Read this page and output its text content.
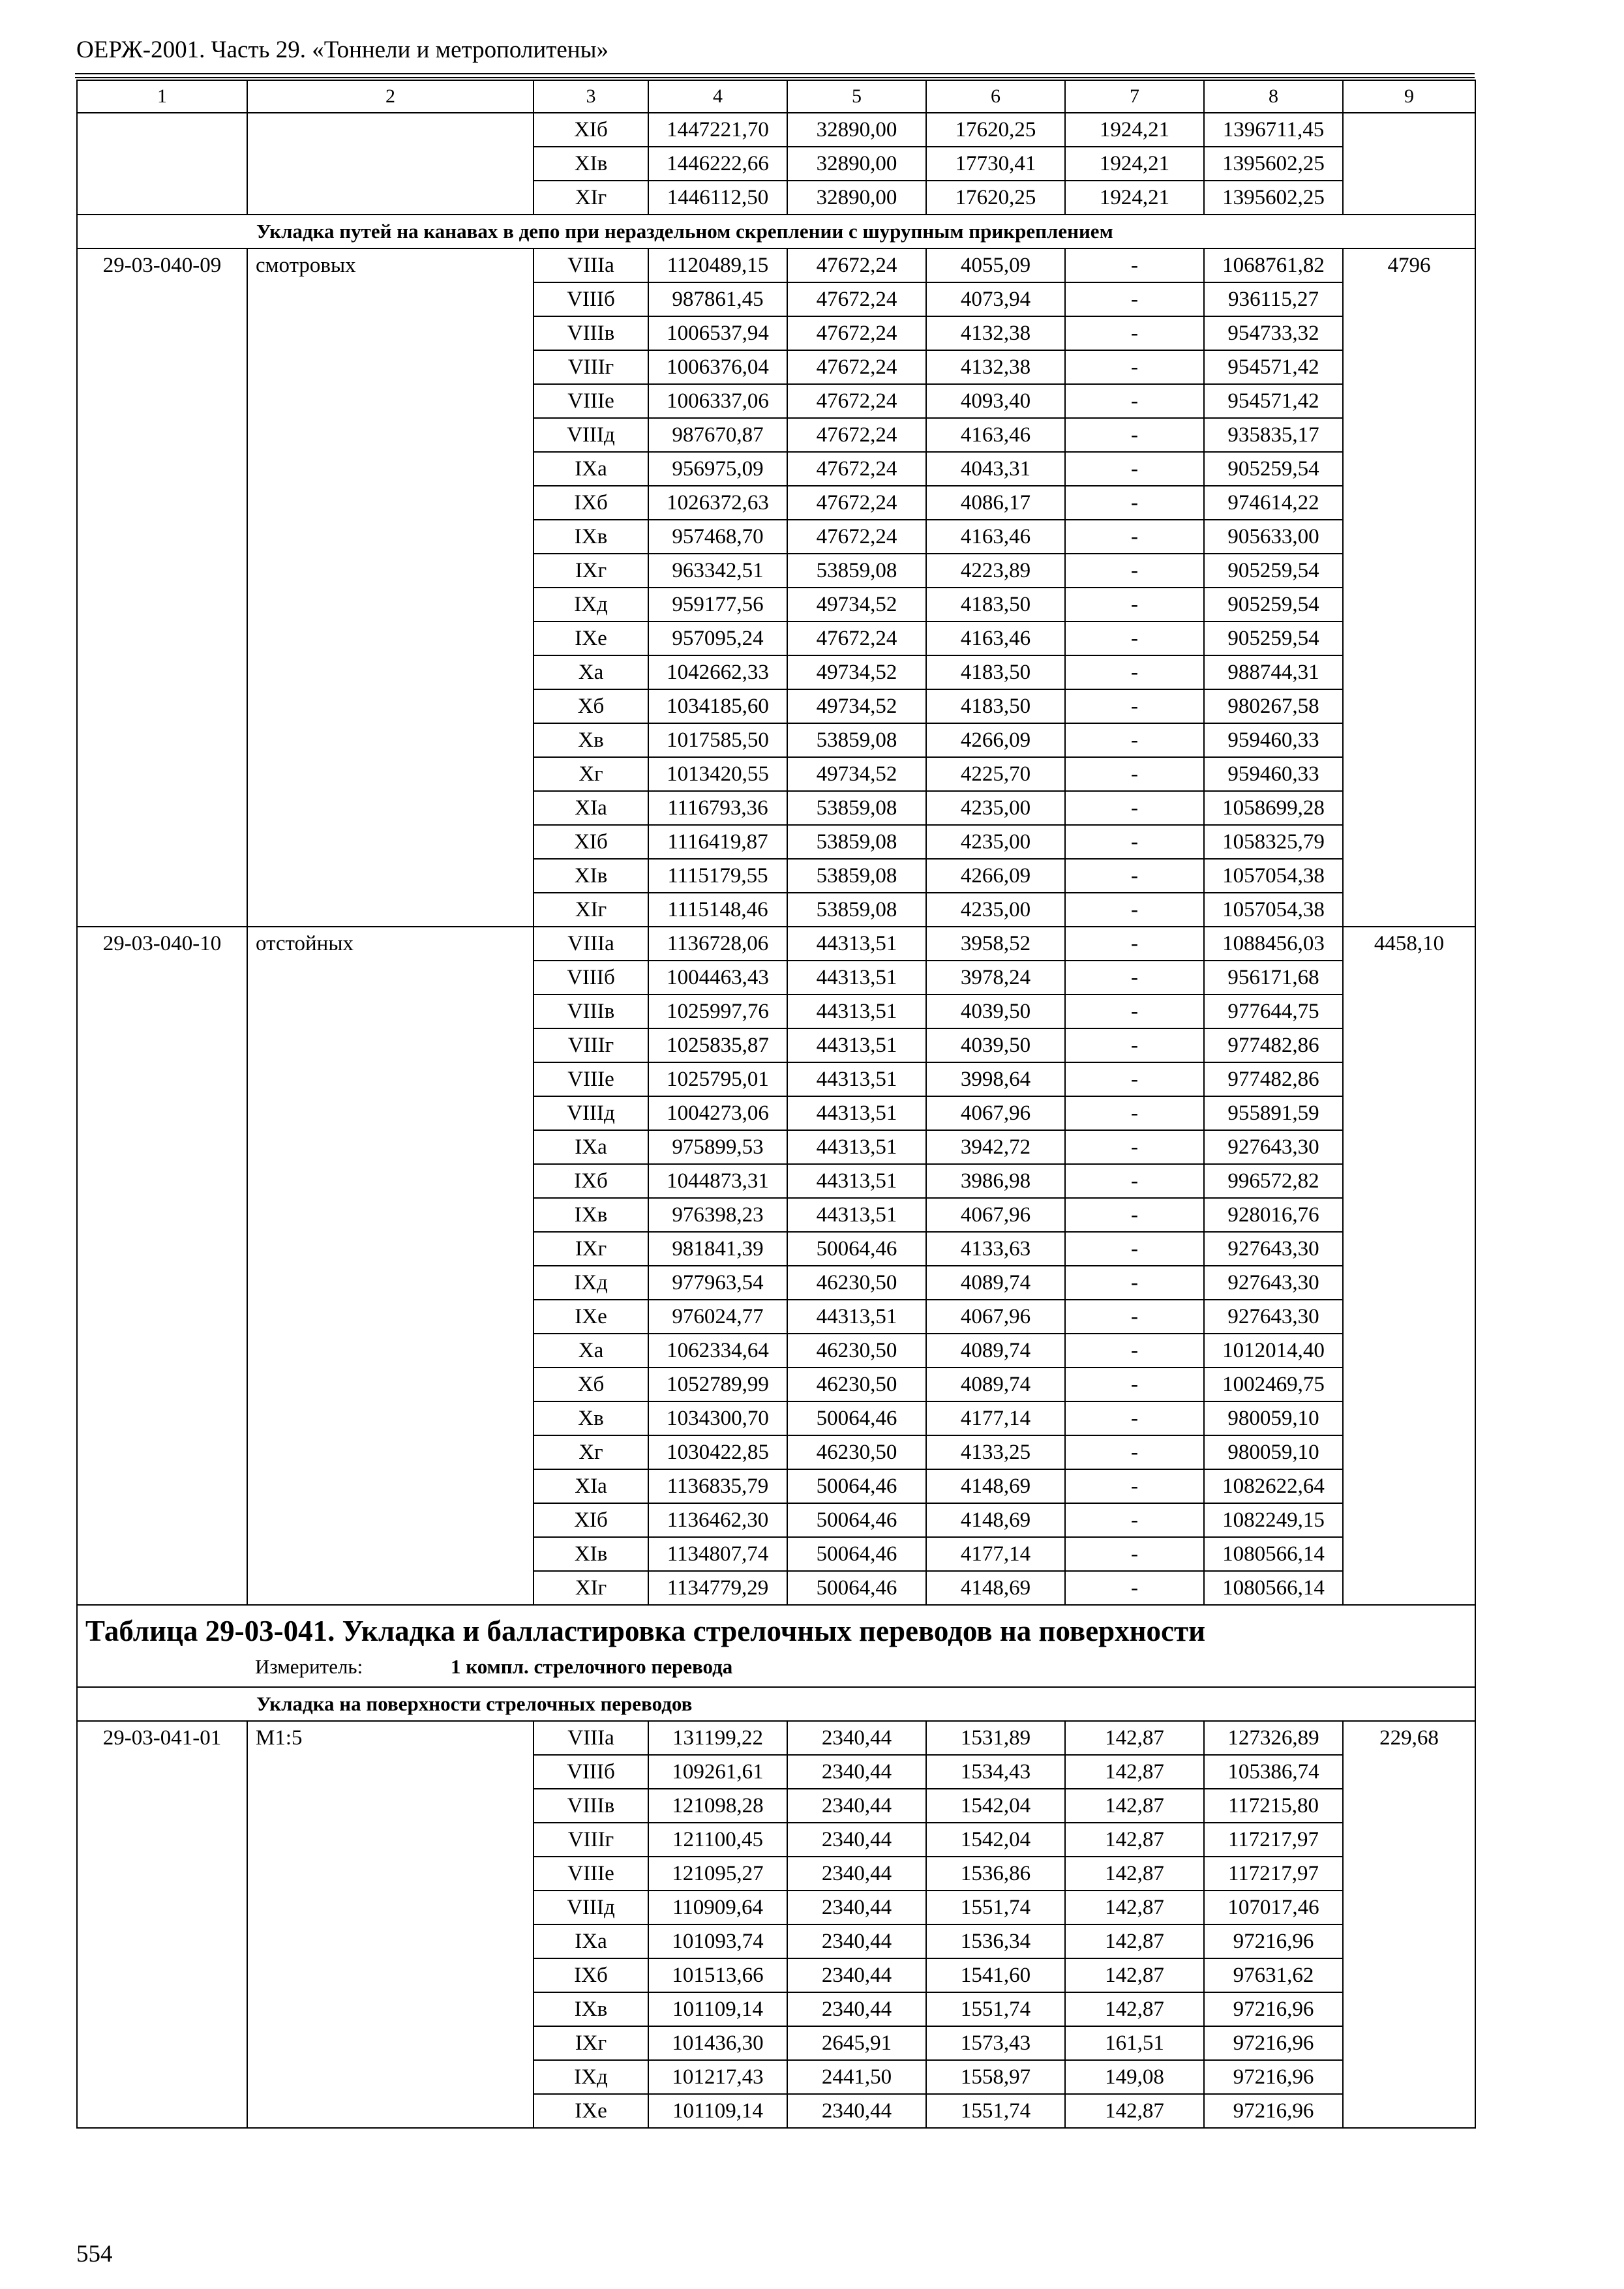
ОЕРЖ-2001. Часть 29. «Тоннели и метрополитены»
1	2	3	4	5	6	7	8	9
		XIб	1447221,70	32890,00	17620,25	1924,21	1396711,45	
		XIв	1446222,66	32890,00	17730,41	1924,21	1395602,25	
		XIг	1446112,50	32890,00	17620,25	1924,21	1395602,25	
	Укладка путей на канавах в депо при нераздельном скреплении с шурупным прикреплением							
29-03-040-09	смотровых	VIIIа	1120489,15	47672,24	4055,09	-	1068761,82	4796
		VIIIб	987861,45	47672,24	4073,94	-	936115,27	
		VIIIв	1006537,94	47672,24	4132,38	-	954733,32	
		VIIIг	1006376,04	47672,24	4132,38	-	954571,42	
		VIIIе	1006337,06	47672,24	4093,40	-	954571,42	
		VIIIд	987670,87	47672,24	4163,46	-	935835,17	
		IXа	956975,09	47672,24	4043,31	-	905259,54	
		IXб	1026372,63	47672,24	4086,17	-	974614,22	
		IXв	957468,70	47672,24	4163,46	-	905633,00	
		IXг	963342,51	53859,08	4223,89	-	905259,54	
		IXд	959177,56	49734,52	4183,50	-	905259,54	
		IXе	957095,24	47672,24	4163,46	-	905259,54	
		Xа	1042662,33	49734,52	4183,50	-	988744,31	
		Xб	1034185,60	49734,52	4183,50	-	980267,58	
		Xв	1017585,50	53859,08	4266,09	-	959460,33	
		Xг	1013420,55	49734,52	4225,70	-	959460,33	
		XIа	1116793,36	53859,08	4235,00	-	1058699,28	
		XIб	1116419,87	53859,08	4235,00	-	1058325,79	
		XIв	1115179,55	53859,08	4266,09	-	1057054,38	
		XIг	1115148,46	53859,08	4235,00	-	1057054,38	
29-03-040-10	отстойных	VIIIа	1136728,06	44313,51	3958,52	-	1088456,03	4458,10
		VIIIб	1004463,43	44313,51	3978,24	-	956171,68	
		VIIIв	1025997,76	44313,51	4039,50	-	977644,75	
		VIIIг	1025835,87	44313,51	4039,50	-	977482,86	
		VIIIе	1025795,01	44313,51	3998,64	-	977482,86	
		VIIIд	1004273,06	44313,51	4067,96	-	955891,59	
		IXа	975899,53	44313,51	3942,72	-	927643,30	
		IXб	1044873,31	44313,51	3986,98	-	996572,82	
		IXв	976398,23	44313,51	4067,96	-	928016,76	
		IXг	981841,39	50064,46	4133,63	-	927643,30	
		IXд	977963,54	46230,50	4089,74	-	927643,30	
		IXе	976024,77	44313,51	4067,96	-	927643,30	
		Xа	1062334,64	46230,50	4089,74	-	1012014,40	
		Xб	1052789,99	46230,50	4089,74	-	1002469,75	
		Xв	1034300,70	50064,46	4177,14	-	980059,10	
		Xг	1030422,85	46230,50	4133,25	-	980059,10	
		XIа	1136835,79	50064,46	4148,69	-	1082622,64	
		XIб	1136462,30	50064,46	4148,69	-	1082249,15	
		XIв	1134807,74	50064,46	4177,14	-	1080566,14	
		XIг	1134779,29	50064,46	4148,69	-	1080566,14	

Таблица 29-03-041. Укладка и балластировка стрелочных переводов на поверхности
Измеритель: 1 компл. стрелочного перевода								

	Укладка на поверхности стрелочных переводов							
29-03-041-01	М1:5	VIIIа	131199,22	2340,44	1531,89	142,87	127326,89	229,68
		VIIIб	109261,61	2340,44	1534,43	142,87	105386,74	
		VIIIв	121098,28	2340,44	1542,04	142,87	117215,80	
		VIIIг	121100,45	2340,44	1542,04	142,87	117217,97	
		VIIIе	121095,27	2340,44	1536,86	142,87	117217,97	
		VIIIд	110909,64	2340,44	1551,74	142,87	107017,46	
		IXа	101093,74	2340,44	1536,34	142,87	97216,96	
		IXб	101513,66	2340,44	1541,60	142,87	97631,62	
		IXв	101109,14	2340,44	1551,74	142,87	97216,96	
		IXг	101436,30	2645,91	1573,43	161,51	97216,96	
		IXд	101217,43	2441,50	1558,97	149,08	97216,96	
		IXе	101109,14	2340,44	1551,74	142,87	97216,96	
554
